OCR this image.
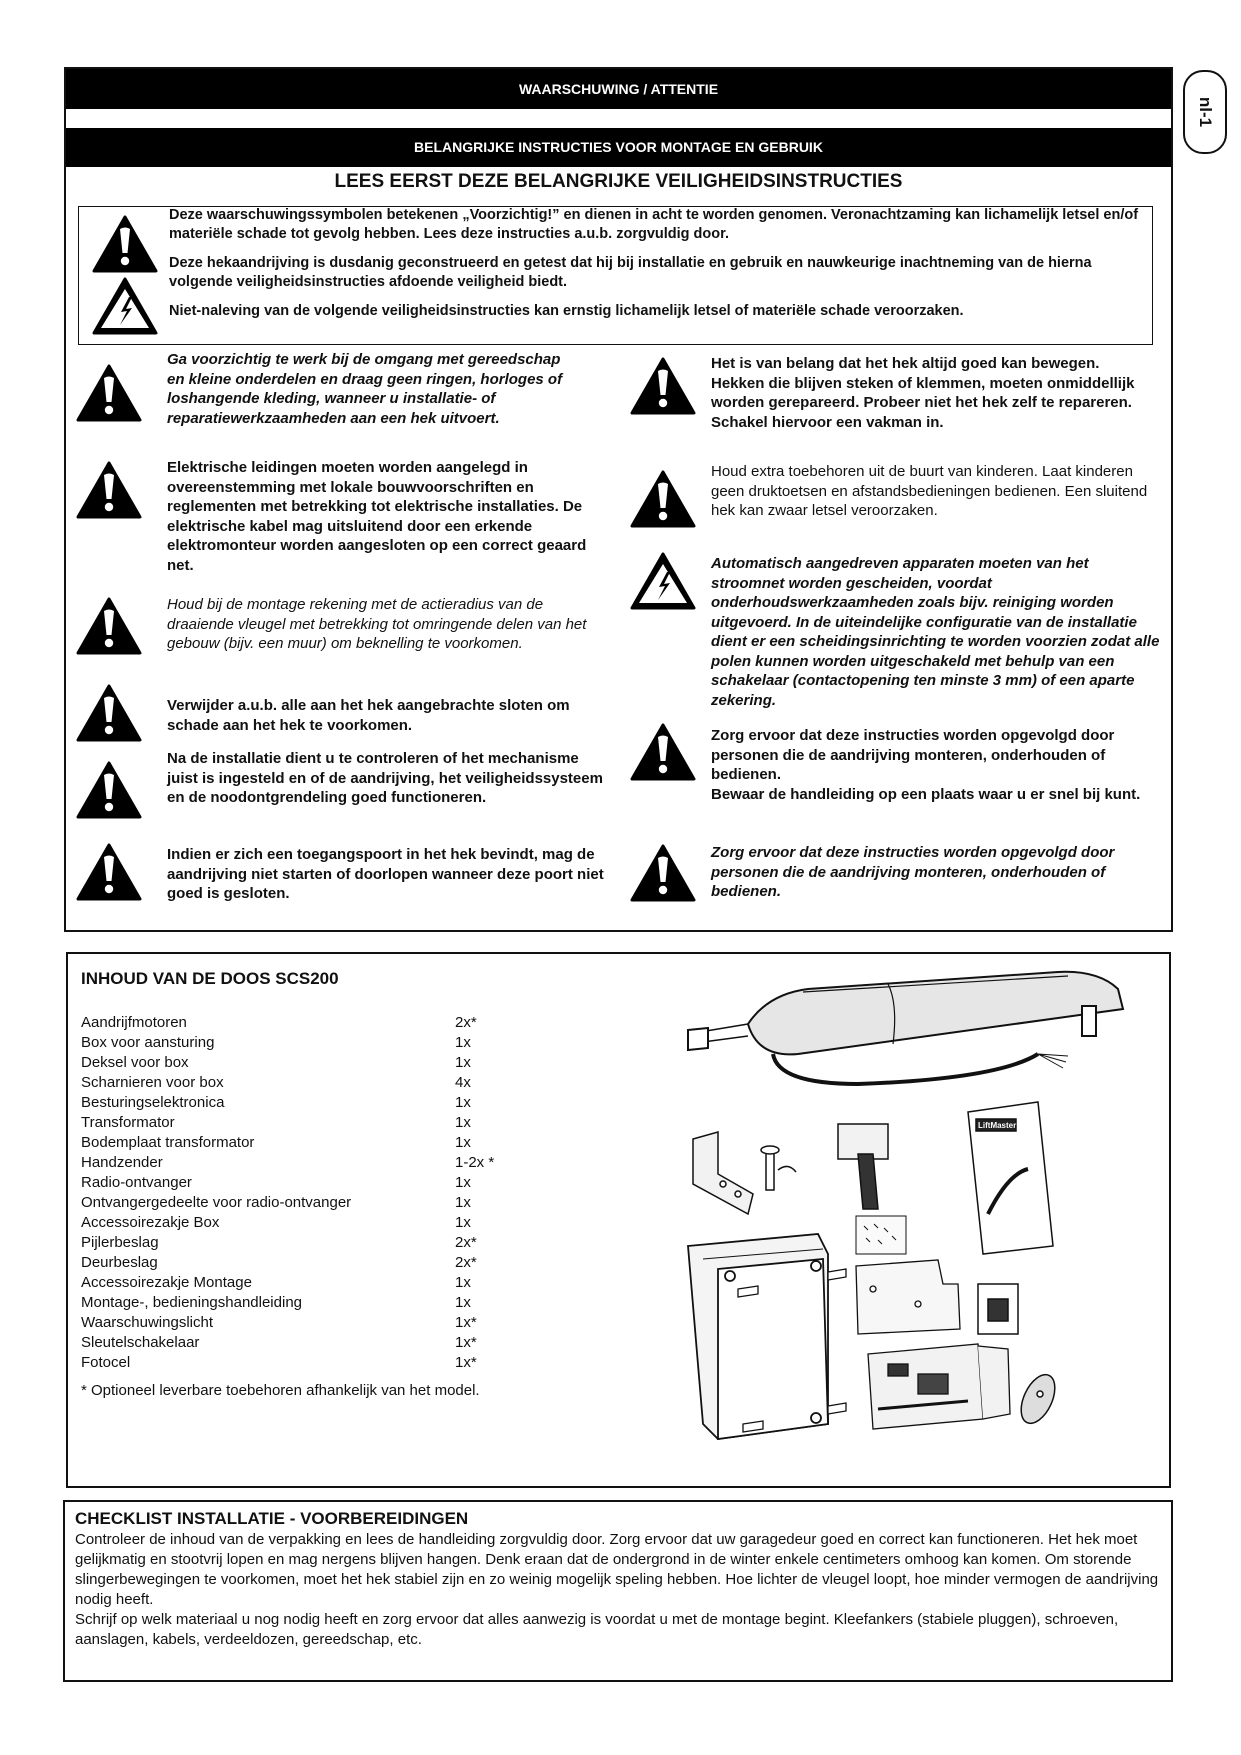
nl-1
WAARSCHUWING / ATTENTIE
BELANGRIJKE INSTRUCTIES VOOR MONTAGE EN GEBRUIK
LEES EERST DEZE BELANGRIJKE VEILIGHEIDSINSTRUCTIES
Deze waarschuwingssymbolen betekenen „Voorzichtig!” en dienen in acht te worden genomen. Veronachtzaming kan lichamelijk letsel en/of materiële schade tot gevolg hebben. Lees deze instructies a.u.b. zorgvuldig door.
Deze hekaandrijving is dusdanig geconstrueerd en getest dat hij bij installatie en gebruik en nauwkeurige inachtneming van de hierna volgende veiligheidsinstructies afdoende veiligheid biedt.
Niet-naleving van de volgende veiligheidsinstructies kan ernstig lichamelijk letsel of materiële schade veroorzaken.
Ga voorzichtig te werk bij de omgang met gereedschap en kleine onderdelen en draag geen ringen, horloges of loshangende kleding, wanneer u installatie- of reparatiewerkzaamheden aan een hek uitvoert.
Elektrische leidingen moeten worden aangelegd in overeenstemming met lokale bouwvoorschriften en reglementen met betrekking tot elektrische installaties. De elektrische kabel mag uitsluitend door een erkende elektromonteur worden aangesloten op een correct geaard net.
Houd bij de montage rekening met de actieradius van de draaiende vleugel met betrekking tot omringende delen van het gebouw (bijv. een muur) om beknelling te voorkomen.
Verwijder a.u.b. alle aan het hek aangebrachte sloten om schade aan het hek te voorkomen.
Na de installatie dient u te controleren of het mechanisme juist is ingesteld en of de aandrijving, het veiligheidssysteem en de noodontgrendeling goed functioneren.
Indien er zich een toegangspoort in het hek bevindt, mag de aandrijving niet starten of doorlopen wanneer deze poort niet goed is gesloten.
Het is van belang dat het hek altijd goed kan bewegen. Hekken die blijven steken of klemmen, moeten onmiddellijk worden gerepareerd. Probeer niet het hek zelf te repareren. Schakel hiervoor een vakman in.
Houd extra toebehoren uit de buurt van kinderen. Laat kinderen geen druktoetsen en afstandsbedieningen bedienen. Een sluitend hek kan zwaar letsel veroorzaken.
Automatisch aangedreven apparaten moeten van het stroomnet worden gescheiden, voordat onderhoudswerkzaamheden zoals bijv. reiniging worden uitgevoerd. In de uiteindelijke configuratie van de installatie dient er een scheidingsinrichting te worden voorzien zodat alle polen kunnen worden uitgeschakeld met behulp van een schakelaar (contactopening ten minste 3 mm) of een aparte zekering.
Zorg ervoor dat deze instructies worden opgevolgd door personen die de aandrijving monteren, onderhouden of bedienen.
Bewaar de handleiding op een plaats waar u er snel bij kunt.
Zorg ervoor dat deze instructies worden opgevolgd door personen die de aandrijving monteren, onderhouden of bedienen.
INHOUD VAN DE DOOS SCS200
Aandrijfmotoren	2x*
Box voor aansturing	1x
Deksel voor box	1x
Scharnieren voor box	4x
Besturingselektronica	1x
Transformator	1x
Bodemplaat transformator	1x
Handzender	1-2x *
Radio-ontvanger	1x
Ontvangergedeelte voor radio-ontvanger	1x
Accessoirezakje Box	1x
Pijlerbeslag	2x*
Deurbeslag	2x*
Accessoirezakje Montage	1x
Montage-, bedieningshandleiding	1x
Waarschuwingslicht	1x*
Sleutelschakelaar	1x*
Fotocel	1x*
* Optioneel leverbare toebehoren afhankelijk van het model.
LiftMaster
CHECKLIST INSTALLATIE - VOORBEREIDINGEN
Controleer de inhoud van de verpakking en lees de handleiding zorgvuldig door. Zorg ervoor dat uw garagedeur goed en correct kan functioneren. Het hek moet gelijkmatig en stootvrij lopen en mag nergens blijven hangen. Denk eraan dat de ondergrond in de winter enkele centimeters omhoog kan komen. Om storende slingerbewegingen te voorkomen, moet het hek stabiel zijn en zo weinig mogelijk speling hebben. Hoe lichter de vleugel loopt, hoe minder vermogen de aandrijving nodig heeft.
Schrijf op welk materiaal u nog nodig heeft en zorg ervoor dat alles aanwezig is voordat u met de montage begint. Kleefankers (stabiele pluggen), schroeven, aanslagen, kabels, verdeeldozen, gereedschap, etc.
